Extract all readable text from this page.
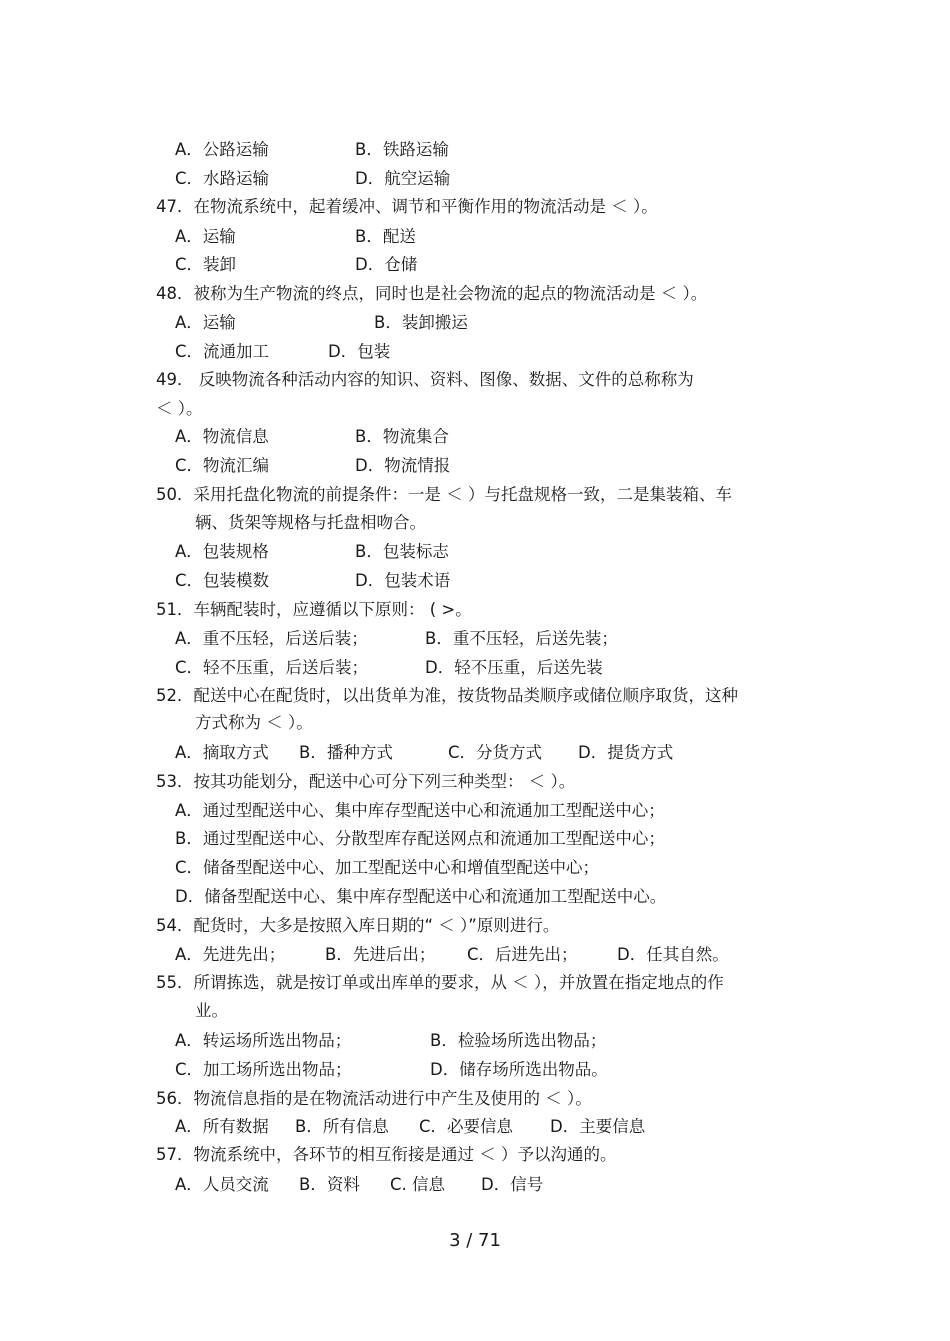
A．公路运输	B．铁路运输
C．水路运输	D．航空运输
47．在物流系统中，起着缓冲、调节和平衡作用的物流活动是 ＜ ）。
A．运输	B．配送
C．装卸	D．仓储
48．被称为生产物流的终点，同时也是社会物流的起点的物流活动是 ＜ ）。
A．运输	B．装卸搬运
C．流通加工	D．包装
49． 反映物流各种活动内容的知识、资料、图像、数据、文件的总称称为
＜ ）。
A．物流信息	B．物流集合
C．物流汇编	D．物流情报
50．采用托盘化物流的前提条件：一是 ＜ ）与托盘规格一致，二是集装箱、车
辆、货架等规格与托盘相吻合。
A．包装规格	B．包装标志
C．包装模数	D．包装术语
51．车辆配装时，应遵循以下原则： ( >。
A．重不压轻，后送后装；	B．重不压轻，后送先装；
C．轻不压重，后送后装；	D．轻不压重，后送先装
52．配送中心在配货时，以出货单为准，按货物品类顺序或储位顺序取货，这种
方式称为 ＜ ）。
A．摘取方式 B．播种方式	C．分货方式 D．提货方式
53．按其功能划分，配送中心可分下列三种类型： ＜ ）。
A．通过型配送中心、集中库存型配送中心和流通加工型配送中心；
B．通过型配送中心、分散型库存配送网点和流通加工型配送中心；
C．储备型配送中心、加工型配送中心和增值型配送中心；
D．储备型配送中心、集中库存型配送中心和流通加工型配送中心。
54．配货时，大多是按照入库日期的“ ＜ ）”原则进行。
A．先进先出； B．先进后出； C．后进先出； D．任其自然。
55．所谓拣选，就是按订单或出库单的要求，从 ＜ ），并放置在指定地点的作
业。
A．转运场所选出物品；	B．检验场所选出物品；
C．加工场所选出物品；	D．储存场所选出物品。
56．物流信息指的是在物流活动进行中产生及使用的 ＜ ）。
A．所有数据 B．所有信息 C．必要信息 D．主要信息
57．物流系统中，各环节的相互衔接是通过 ＜ ）予以沟通的。
A．人员交流 B．资料 C. 信息 D．信号
3 / 71
